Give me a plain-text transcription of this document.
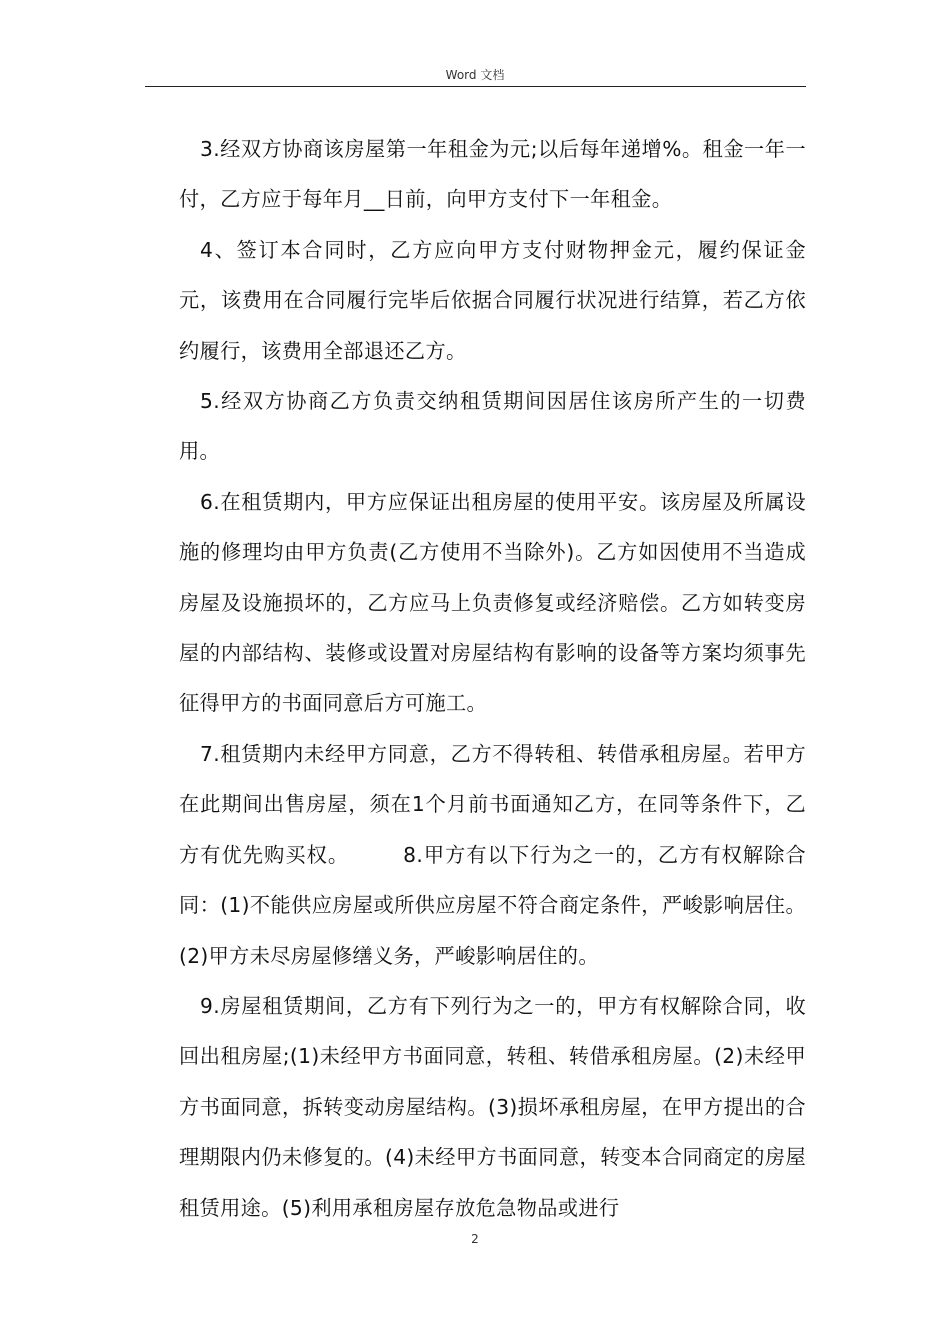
Word 文档

3.经双方协商该房屋第一年租金为元;以后每年递增%。租金一年一付，乙方应于每年月__日前，向甲方支付下一年租金。

4、签订本合同时，乙方应向甲方支付财物押金元，履约保证金元，该费用在合同履行完毕后依据合同履行状况进行结算，若乙方依约履行，该费用全部退还乙方。

5.经双方协商乙方负责交纳租赁期间因居住该房所产生的一切费用。

6.在租赁期内，甲方应保证出租房屋的使用平安。该房屋及所属设施的修理均由甲方负责(乙方使用不当除外)。乙方如因使用不当造成房屋及设施损坏的，乙方应马上负责修复或经济赔偿。乙方如转变房屋的内部结构、装修或设置对房屋结构有影响的设备等方案均须事先征得甲方的书面同意后方可施工。

7.租赁期内未经甲方同意，乙方不得转租、转借承租房屋。若甲方在此期间出售房屋，须在1个月前书面通知乙方，在同等条件下，乙方有优先购买权。	8.甲方有以下行为之一的，乙方有权解除合同：(1)不能供应房屋或所供应房屋不符合商定条件，严峻影响居住。(2)甲方未尽房屋修缮义务，严峻影响居住的。

9.房屋租赁期间，乙方有下列行为之一的，甲方有权解除合同，收回出租房屋;(1)未经甲方书面同意，转租、转借承租房屋。(2)未经甲方书面同意，拆转变动房屋结构。(3)损坏承租房屋，在甲方提出的合理期限内仍未修复的。(4)未经甲方书面同意，转变本合同商定的房屋租赁用途。(5)利用承租房屋存放危急物品或进行

2
